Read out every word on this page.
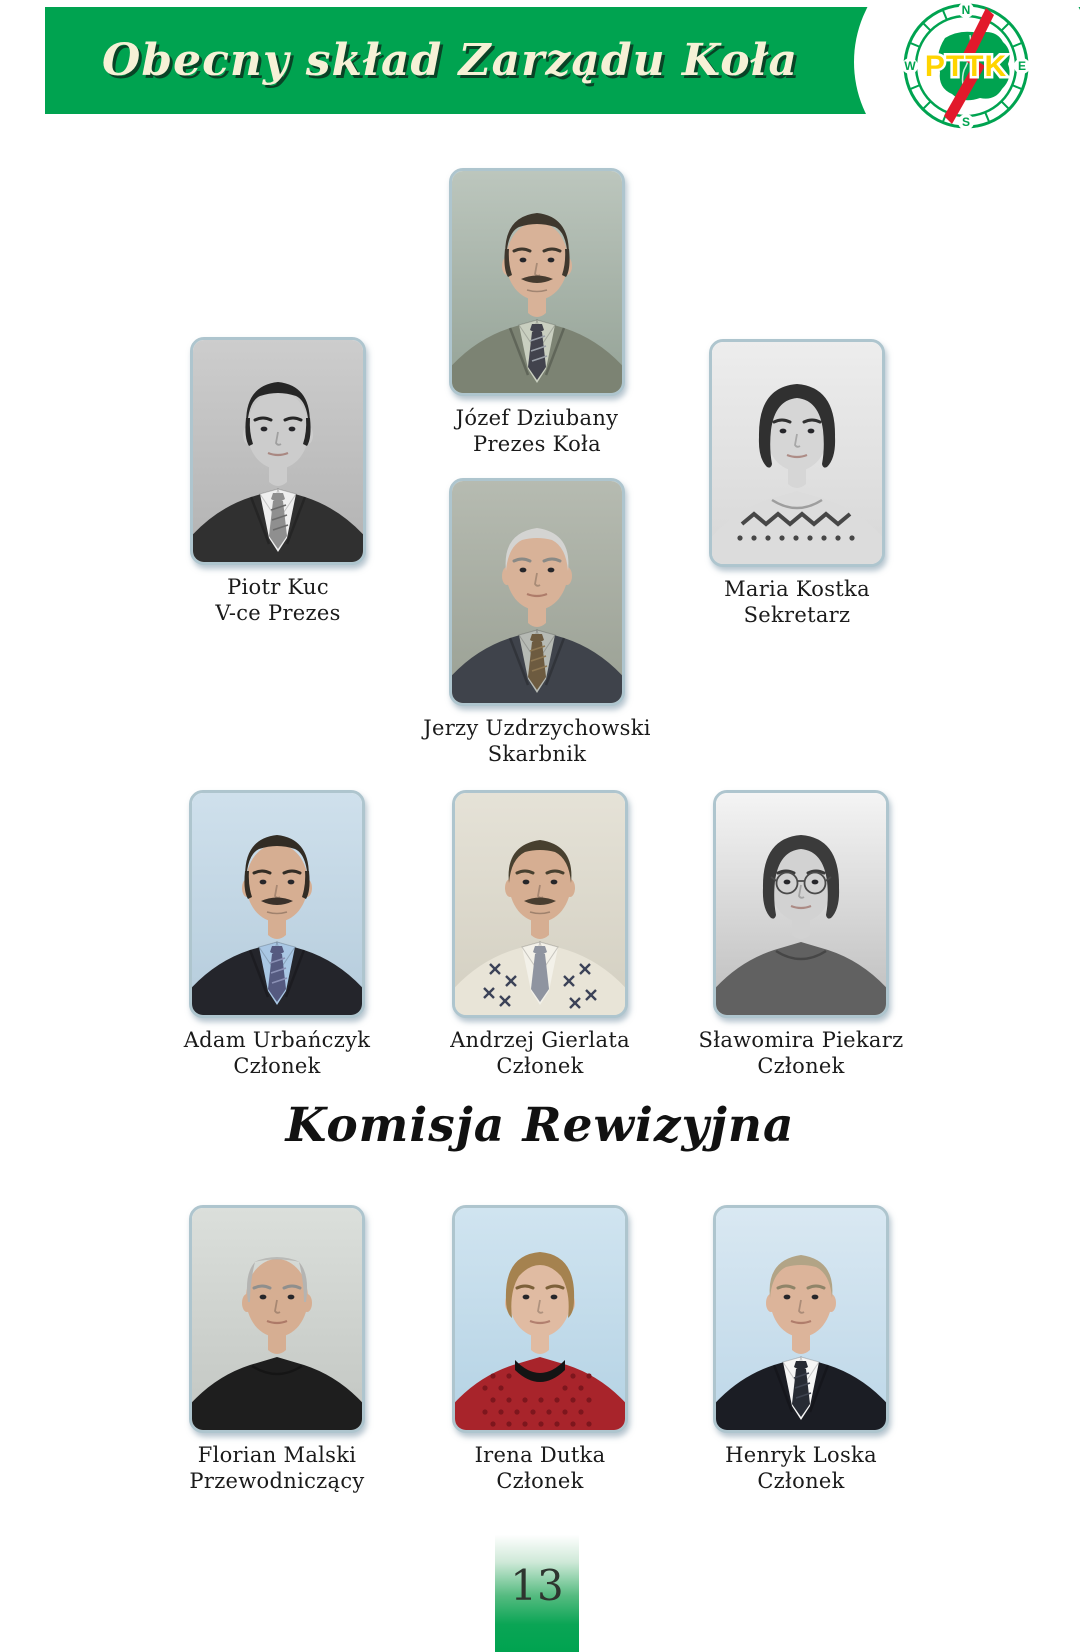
Obecny skład Zarządu Koła	PTTK
N
E
S
W
Józef Dziubany
Prezes Koła
Piotr Kuc
V-ce Prezes
Maria Kostka
Sekretarz
Jerzy Uzdrzychowski
Skarbnik
Adam Urbańczyk
Członek
Andrzej Gierlata
Członek
Sławomira Piekarz
Członek
Florian Malski
Przewodniczący
Irena Dutka
Członek
Henryk Loska
Członek
Komisja Rewizyjna
13
